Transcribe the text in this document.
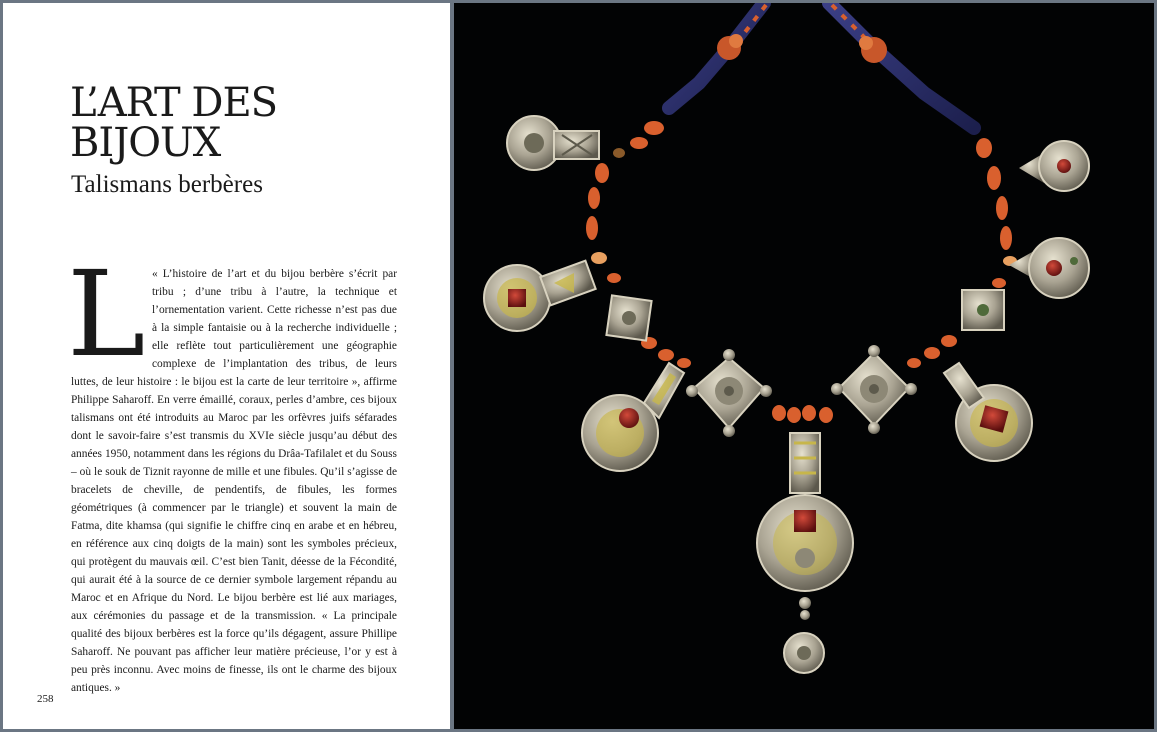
L’ART DES
BIJOUX
Talismans berbères
L « L’histoire de l’art et du bijou berbère s’écrit par tribu ; d’une tribu à l’autre, la technique et l’ornementation varient. Cette richesse n’est pas due à la simple fantaisie ou à la recherche individuelle ; elle reflète tout particulièrement une géographie complexe de l’implantation des tribus, de leurs

luttes, de leur histoire : le bijou est la carte de leur territoire », affirme Philippe Saharoff. En verre émaillé, coraux, perles d’ambre, ces bijoux talismans ont été introduits au Maroc par les orfèvres juifs séfarades dont le savoir-faire s’est transmis du XVIe siècle jusqu’au début des années 1950, notamment dans les régions du Drâa-Tafilalet et du Souss – où le souk de Tiznit rayonne de mille et une fibules. Qu’il s’agisse de bracelets de cheville, de pendentifs, de fibules, les formes géométriques (à commencer par le triangle) et souvent la main de Fatma, dite khamsa (qui signifie le chiffre cinq en arabe et en hébreu, en référence aux cinq doigts de la main) sont les symboles précieux, qui protègent du mauvais œil. C’est bien Tanit, déesse de la Fécondité, qui aurait été à la source de ce dernier symbole largement répandu au Maroc et en Afrique du Nord. Le bijou berbère est lié aux mariages, aux cérémonies du passage et de la transmission. « La principale qualité des bijoux berbères est la force qu’ils dégagent, assure Phillipe Saharoff. Ne pouvant pas afficher leur matière précieuse, l’or y est à peu près inconnu. Avec moins de finesse, ils ont le charme des bijoux antiques. »

258
